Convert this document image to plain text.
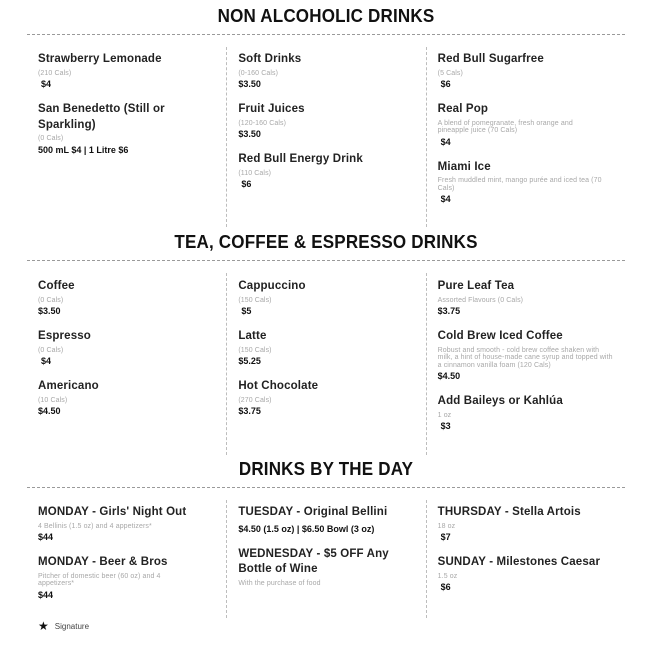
NON ALCOHOLIC DRINKS
Strawberry Lemonade
(210 Cals)
$4
San Benedetto (Still or Sparkling)
(0 Cals)
500 mL $4 | 1 Litre $6
Soft Drinks
(0-160 Cals)
$3.50
Fruit Juices
(120-160 Cals)
$3.50
Red Bull Energy Drink
(110 Cals)
$6
Red Bull Sugarfree
(5 Cals)
$6
Real Pop
A blend of pomegranate, fresh orange and pineapple juice (70 Cals)
$4
Miami Ice
Fresh muddled mint, mango purée and iced tea (70 Cals)
$4
TEA, COFFEE & ESPRESSO DRINKS
Coffee
(0 Cals)
$3.50
Espresso
(0 Cals)
$4
Americano
(10 Cals)
$4.50
Cappuccino
(150 Cals)
$5
Latte
(150 Cals)
$5.25
Hot Chocolate
(270 Cals)
$3.75
Pure Leaf Tea
Assorted Flavours (0 Cals)
$3.75
Cold Brew Iced Coffee
Robust and smooth - cold brew coffee shaken with milk, a hint of house-made cane syrup and topped with a cinnamon vanilla foam (120 Cals)
$4.50
Add Baileys or Kahlúa
1 oz
$3
DRINKS BY THE DAY
MONDAY - Girls' Night Out
4 Bellinis (1.5 oz) and 4 appetizers*
$44
MONDAY - Beer & Bros
Pitcher of domestic beer (60 oz) and 4 appetizers*
$44
TUESDAY - Original Bellini
$4.50 (1.5 oz) | $6.50 Bowl (3 oz)
WEDNESDAY - $5 OFF Any Bottle of Wine
With the purchase of food
THURSDAY - Stella Artois
18 oz
$7
SUNDAY - Milestones Caesar
1.5 oz
$6
★ Signature
